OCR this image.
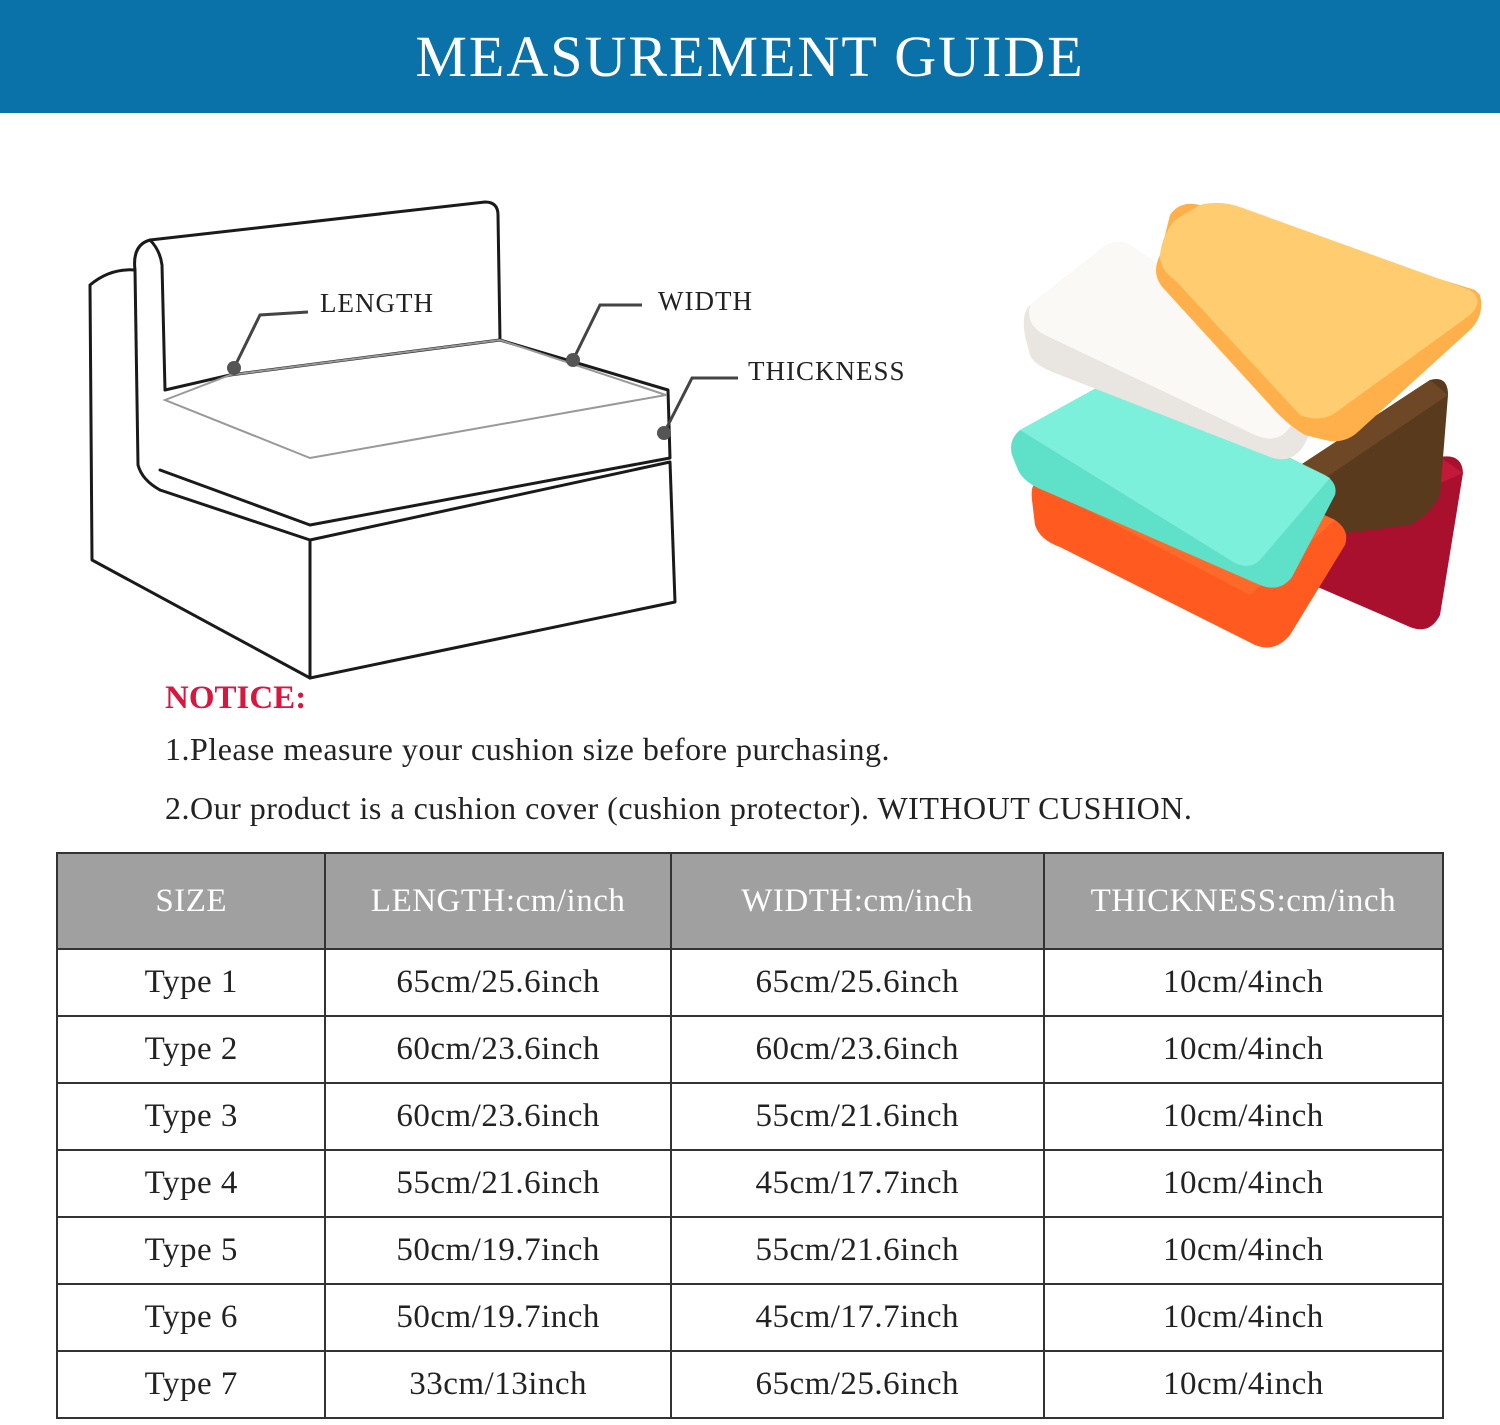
MEASUREMENT GUIDE
LENGTH	WIDTH
THICKNESS

NOTICE:

1.Please measure your cushion size before purchasing.

2.Our product is a cushion cover (cushion protector). WITHOUT CUSHION.

SIZE	LENGTH:cm/inch	WIDTH:cm/inch	THICKNESS:cm/inch
Type 1	65cm/25.6inch	65cm/25.6inch	10cm/4inch
Type 2	60cm/23.6inch	60cm/23.6inch	10cm/4inch
Type 3	60cm/23.6inch	55cm/21.6inch	10cm/4inch
Type 4	55cm/21.6inch	45cm/17.7inch	10cm/4inch
Type 5	50cm/19.7inch	55cm/21.6inch	10cm/4inch
Type 6	50cm/19.7inch	45cm/17.7inch	10cm/4inch
Type 7	33cm/13inch	65cm/25.6inch	10cm/4inch
